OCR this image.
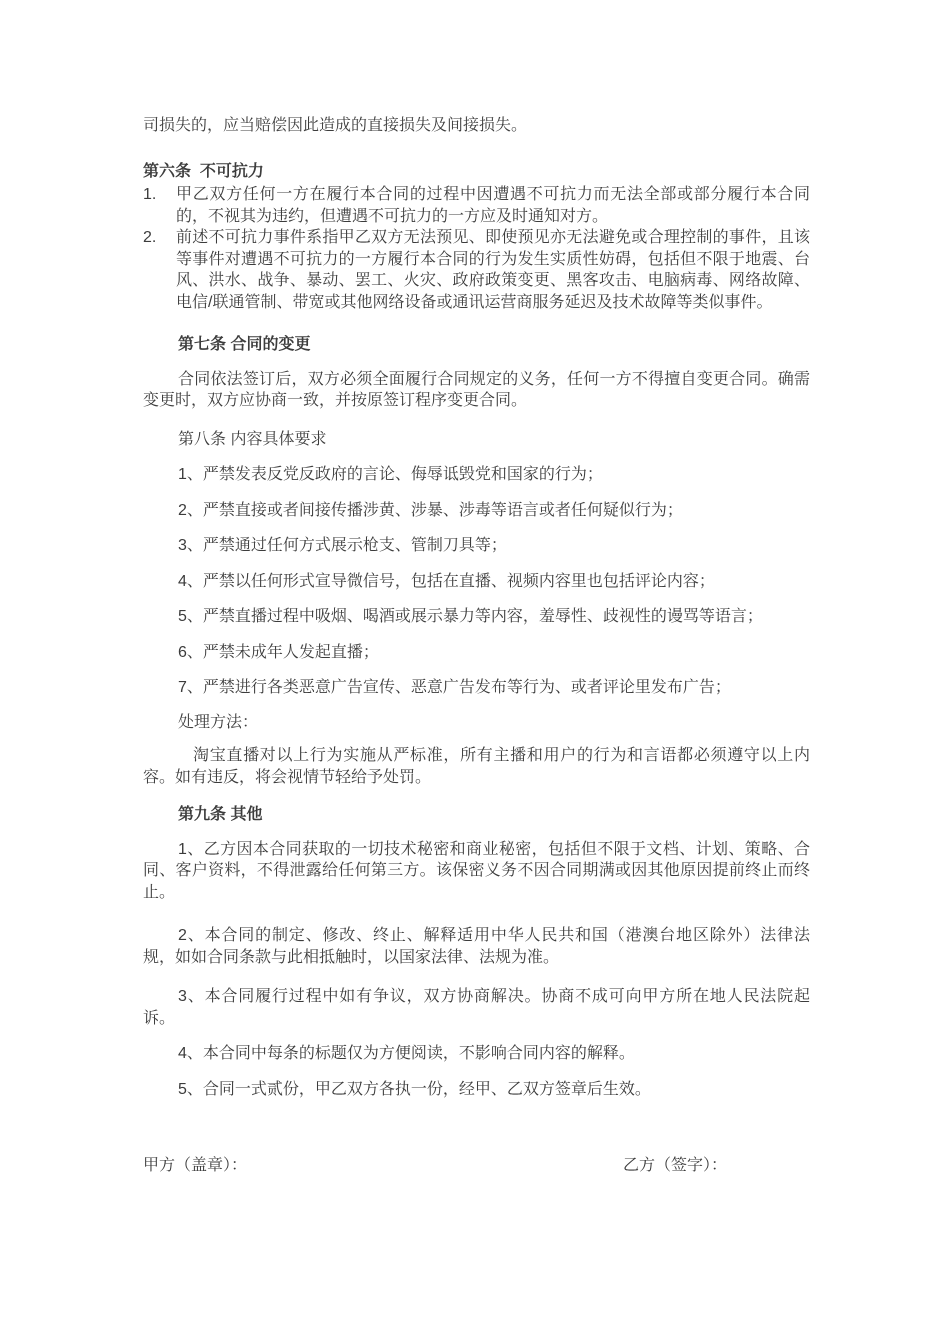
司损失的，应当赔偿因此造成的直接损失及间接损失。

第六条  不可抗力
1.	甲乙双方任何一方在履行本合同的过程中因遭遇不可抗力而无法全部或部分履行本合同的，不视其为违约，但遭遇不可抗力的一方应及时通知对方。
2.	前述不可抗力事件系指甲乙双方无法预见、即使预见亦无法避免或合理控制的事件，且该等事件对遭遇不可抗力的一方履行本合同的行为发生实质性妨碍，包括但不限于地震、台风、洪水、战争、暴动、罢工、火灾、政府政策变更、黑客攻击、电脑病毒、网络故障、电信/联通管制、带宽或其他网络设备或通讯运营商服务延迟及技术故障等类似事件。
第七条 合同的变更

合同依法签订后，双方必须全面履行合同规定的义务，任何一方不得擅自变更合同。确需变更时，双方应协商一致，并按原签订程序变更合同。

第八条 内容具体要求

1、严禁发表反党反政府的言论、侮辱诋毁党和国家的行为；

2、严禁直接或者间接传播涉黄、涉暴、涉毒等语言或者任何疑似行为；

3、严禁通过任何方式展示枪支、管制刀具等；

4、严禁以任何形式宣导微信号，包括在直播、视频内容里也包括评论内容；

5、严禁直播过程中吸烟、喝酒或展示暴力等内容，羞辱性、歧视性的谩骂等语言；

6、严禁未成年人发起直播；

7、严禁进行各类恶意广告宣传、恶意广告发布等行为、或者评论里发布广告；

处理方法：

淘宝直播对以上行为实施从严标准，所有主播和用户的行为和言语都必须遵守以上内容。如有违反，将会视情节轻给予处罚。

第九条 其他

1、乙方因本合同获取的一切技术秘密和商业秘密，包括但不限于文档、计划、策略、合同、客户资料，不得泄露给任何第三方。该保密义务不因合同期满或因其他原因提前终止而终止。

2、本合同的制定、修改、终止、解释适用中华人民共和国（港澳台地区除外）法律法规，如如合同条款与此相抵触时，以国家法律、法规为准。

3、本合同履行过程中如有争议，双方协商解决。协商不成可向甲方所在地人民法院起诉。

4、本合同中每条的标题仅为方便阅读，不影响合同内容的解释。

5、合同一式贰份，甲乙双方各执一份，经甲、乙双方签章后生效。

甲方（盖章）：	乙方（签字）：
